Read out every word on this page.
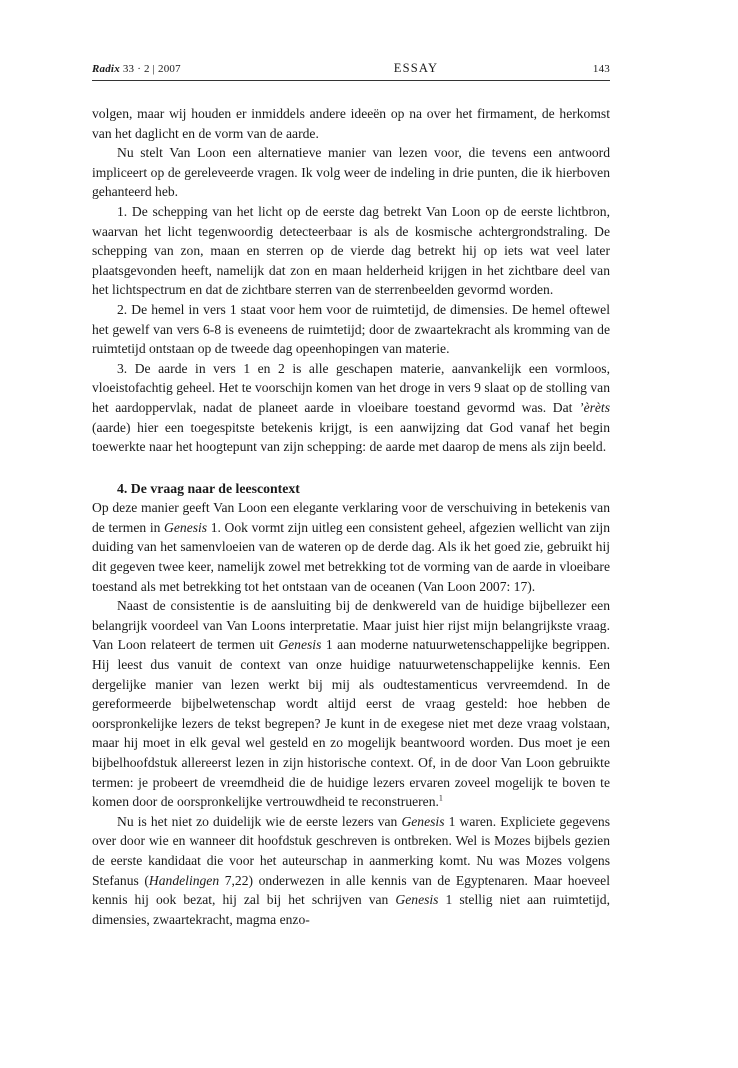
Radix 33 · 2 | 2007	ESSAY	143

volgen, maar wij houden er inmiddels andere ideeën op na over het firmament, de herkomst van het daglicht en de vorm van de aarde.

Nu stelt Van Loon een alternatieve manier van lezen voor, die tevens een antwoord impliceert op de gereleveerde vragen. Ik volg weer de indeling in drie punten, die ik hierboven gehanteerd heb.

1. De schepping van het licht op de eerste dag betrekt Van Loon op de eerste lichtbron, waarvan het licht tegenwoordig detecteerbaar is als de kosmische achtergrondstraling. De schepping van zon, maan en sterren op de vierde dag betrekt hij op iets wat veel later plaatsgevonden heeft, namelijk dat zon en maan helderheid krijgen in het zichtbare deel van het lichtspectrum en dat de zichtbare sterren van de sterrenbeelden gevormd worden.

2. De hemel in vers 1 staat voor hem voor de ruimtetijd, de dimensies. De hemel oftewel het gewelf van vers 6-8 is eveneens de ruimtetijd; door de zwaartekracht als kromming van de ruimtetijd ontstaan op de tweede dag opeenhopingen van materie.

3. De aarde in vers 1 en 2 is alle geschapen materie, aanvankelijk een vormloos, vloeistofachtig geheel. Het te voorschijn komen van het droge in vers 9 slaat op de stolling van het aardoppervlak, nadat de planeet aarde in vloeibare toestand gevormd was. Dat ’èrèts (aarde) hier een toegespitste betekenis krijgt, is een aanwijzing dat God vanaf het begin toewerkte naar het hoogtepunt van zijn schepping: de aarde met daarop de mens als zijn beeld.

4. De vraag naar de leescontext

Op deze manier geeft Van Loon een elegante verklaring voor de verschuiving in betekenis van de termen in Genesis 1. Ook vormt zijn uitleg een consistent geheel, afgezien wellicht van zijn duiding van het samenvloeien van de wateren op de derde dag. Als ik het goed zie, gebruikt hij dit gegeven twee keer, namelijk zowel met betrekking tot de vorming van de aarde in vloeibare toestand als met betrekking tot het ontstaan van de oceanen (Van Loon 2007: 17).

Naast de consistentie is de aansluiting bij de denkwereld van de huidige bijbellezer een belangrijk voordeel van Van Loons interpretatie. Maar juist hier rijst mijn belangrijkste vraag. Van Loon relateert de termen uit Genesis 1 aan moderne natuurwetenschappelijke begrippen. Hij leest dus vanuit de context van onze huidige natuurwetenschappelijke kennis. Een dergelijke manier van lezen werkt bij mij als oudtestamenticus vervreemdend. In de gereformeerde bijbelwetenschap wordt altijd eerst de vraag gesteld: hoe hebben de oorspronkelijke lezers de tekst begrepen? Je kunt in de exegese niet met deze vraag volstaan, maar hij moet in elk geval wel gesteld en zo mogelijk beantwoord worden. Dus moet je een bijbelhoofdstuk allereerst lezen in zijn historische context. Of, in de door Van Loon gebruikte termen: je probeert de vreemdheid die de huidige lezers ervaren zoveel mogelijk te boven te komen door de oorspronkelijke vertrouwdheid te reconstrueren.$^1$

Nu is het niet zo duidelijk wie de eerste lezers van Genesis 1 waren. Expliciete gegevens over door wie en wanneer dit hoofdstuk geschreven is ontbreken. Wel is Mozes bijbels gezien de eerste kandidaat die voor het auteurschap in aanmerking komt. Nu was Mozes volgens Stefanus (Handelingen 7,22) onderwezen in alle kennis van de Egyptenaren. Maar hoeveel kennis hij ook bezat, hij zal bij het schrijven van Genesis 1 stellig niet aan ruimtetijd, dimensies, zwaartekracht, magma enzo-
